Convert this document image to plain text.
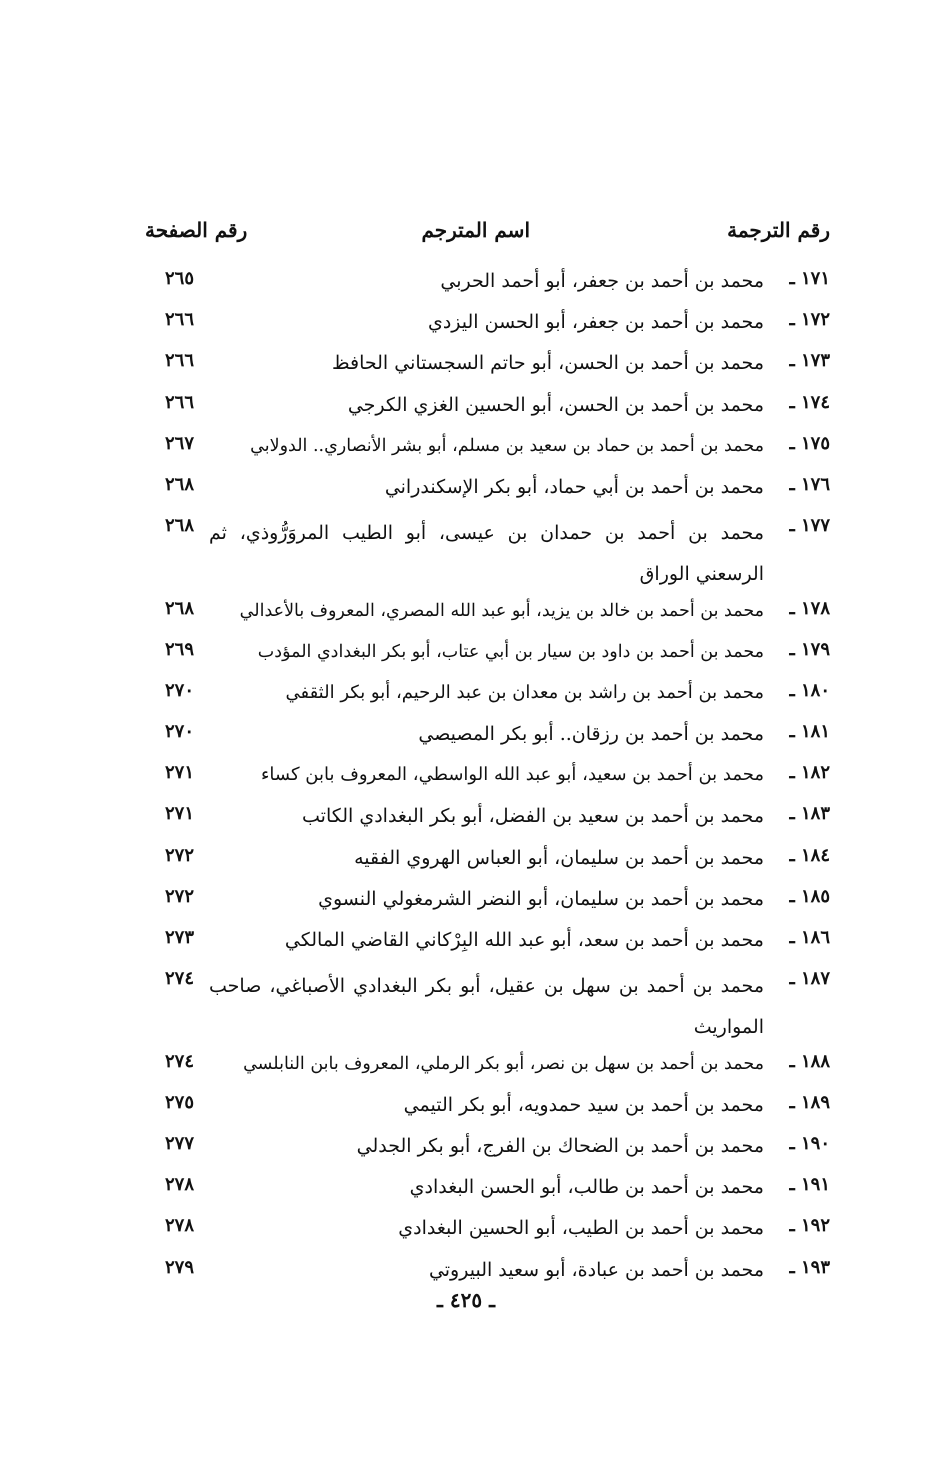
رقم الترجمة
اسم المترجم
رقم الصفحة
١٧١ ـ
محمد بن أحمد بن جعفر، أبو أحمد الحربي
٢٦٥
١٧٢ ـ
محمد بن أحمد بن جعفر، أبو الحسن اليزدي
٢٦٦
١٧٣ ـ
محمد بن أحمد بن الحسن، أبو حاتم السجستاني الحافظ
٢٦٦
١٧٤ ـ
محمد بن أحمد بن الحسن، أبو الحسين الغزي الكرجي
٢٦٦
١٧٥ ـ
محمد بن أحمد بن حماد بن سعيد بن مسلم، أبو بشر الأنصاري.. الدولابي
٢٦٧
١٧٦ ـ
محمد بن أحمد بن أبي حماد، أبو بكر الإسكندراني
٢٦٨
١٧٧ ـ
محمد بن أحمد بن حمدان بن عيسى، أبو الطيب المروَرُّوذي، ثم الرسعني الوراق
٢٦٨
١٧٨ ـ
محمد بن أحمد بن خالد بن يزيد، أبو عبد الله المصري، المعروف بالأعدالي
٢٦٨
١٧٩ ـ
محمد بن أحمد بن داود بن سيار بن أبي عتاب، أبو بكر البغدادي المؤدب
٢٦٩
١٨٠ ـ
محمد بن أحمد بن راشد بن معدان بن عبد الرحيم، أبو بكر الثقفي
٢٧٠
١٨١ ـ
محمد بن أحمد بن رزقان.. أبو بكر المصيصي
٢٧٠
١٨٢ ـ
محمد بن أحمد بن سعيد، أبو عبد الله الواسطي، المعروف بابن كساء
٢٧١
١٨٣ ـ
محمد بن أحمد بن سعيد بن الفضل، أبو بكر البغدادي الكاتب
٢٧١
١٨٤ ـ
محمد بن أحمد بن سليمان، أبو العباس الهروي الفقيه
٢٧٢
١٨٥ ـ
محمد بن أحمد بن سليمان، أبو النضر الشرمغولي النسوي
٢٧٢
١٨٦ ـ
محمد بن أحمد بن سعد، أبو عبد الله البِرْكاني القاضي المالكي
٢٧٣
١٨٧ ـ
محمد بن أحمد بن سهل بن عقيل، أبو بكر البغدادي الأصباغي، صاحب المواريث
٢٧٤
١٨٨ ـ
محمد بن أحمد بن سهل بن نصر، أبو بكر الرملي، المعروف بابن النابلسي
٢٧٤
١٨٩ ـ
محمد بن أحمد بن سيد حمدويه، أبو بكر التيمي
٢٧٥
١٩٠ ـ
محمد بن أحمد بن الضحاك بن الفرج، أبو بكر الجدلي
٢٧٧
١٩١ ـ
محمد بن أحمد بن طالب، أبو الحسن البغدادي
٢٧٨
١٩٢ ـ
محمد بن أحمد بن الطيب، أبو الحسين البغدادي
٢٧٨
١٩٣ ـ
محمد بن أحمد بن عبادة، أبو سعيد البيروتي
٢٧٩
ـ ٤٢٥ ـ
